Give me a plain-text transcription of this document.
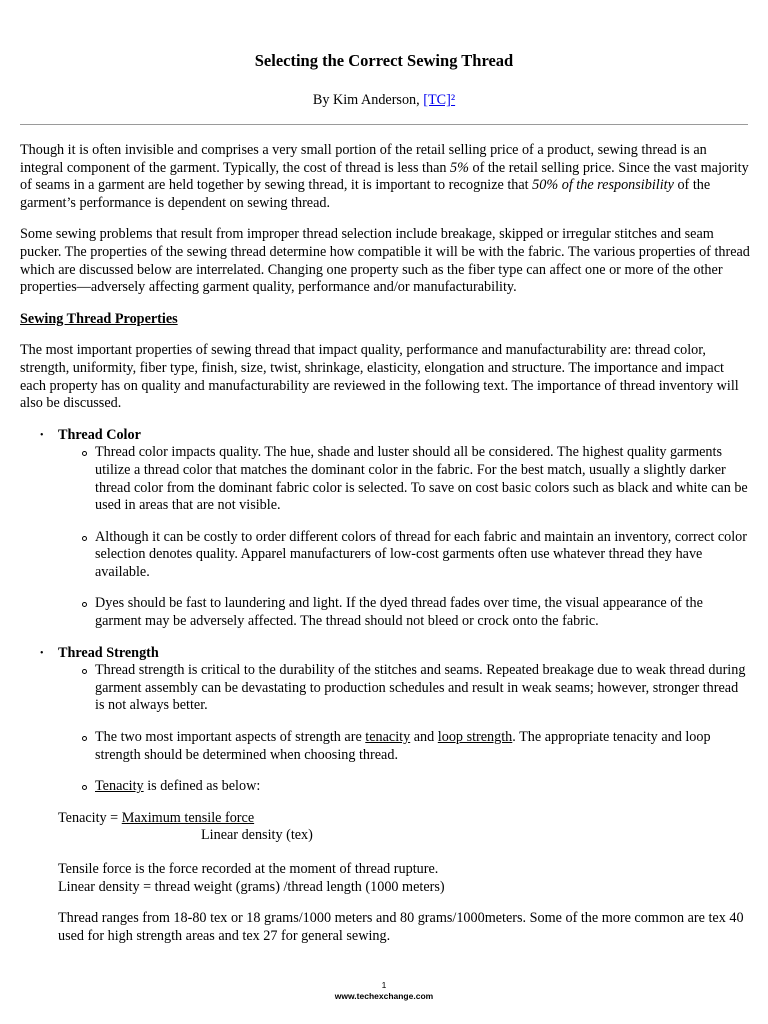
Selecting the Correct Sewing Thread
By Kim Anderson, [TC]²

Though it is often invisible and comprises a very small portion of the retail selling price of a product, sewing thread is an integral component of the garment. Typically, the cost of thread is less than 5% of the retail selling price. Since the vast majority of seams in a garment are held together by sewing thread, it is important to recognize that 50% of the responsibility of the garment’s performance is dependent on sewing thread.

Some sewing problems that result from improper thread selection include breakage, skipped or irregular stitches and seam pucker. The properties of the sewing thread determine how compatible it will be with the fabric. The various properties of thread which are discussed below are interrelated. Changing one property such as the fiber type can affect one or more of the other properties—adversely affecting garment quality, performance and/or manufacturability.

Sewing Thread Properties

The most important properties of sewing thread that impact quality, performance and manufacturability are: thread color, strength, uniformity, fiber type, finish, size, twist, shrinkage, elasticity, elongation and structure. The importance and impact each property has on quality and manufacturability are reviewed in the following text. The importance of thread inventory will also be discussed.

• Thread Color
Thread color impacts quality. The hue, shade and luster should all be considered. The highest quality garments utilize a thread color that matches the dominant color in the fabric. For the best match, usually a slightly darker thread color from the dominant fabric color is selected. To save on cost basic colors such as black and white can be used in areas that are not visible.
Although it can be costly to order different colors of thread for each fabric and maintain an inventory, correct color selection denotes quality. Apparel manufacturers of low-cost garments often use whatever thread they have available.
Dyes should be fast to laundering and light. If the dyed thread fades over time, the visual appearance of the garment may be adversely affected. The thread should not bleed or crock onto the fabric.
• Thread Strength
Thread strength is critical to the durability of the stitches and seams. Repeated breakage due to weak thread during garment assembly can be devastating to production schedules and result in weak seams; however, stronger thread is not always better.
The two most important aspects of strength are tenacity and loop strength. The appropriate tenacity and loop strength should be determined when choosing thread.
Tenacity is defined as below:
Tenacity = Maximum tensile force
Linear density (tex)
Tensile force is the force recorded at the moment of thread rupture.
Linear density = thread weight (grams) /thread length (1000 meters)
Thread ranges from 18-80 tex or 18 grams/1000 meters and 80 grams/1000meters. Some of the more common are tex 40 used for high strength areas and tex 27 for general sewing.
1
www.techexchange.com
